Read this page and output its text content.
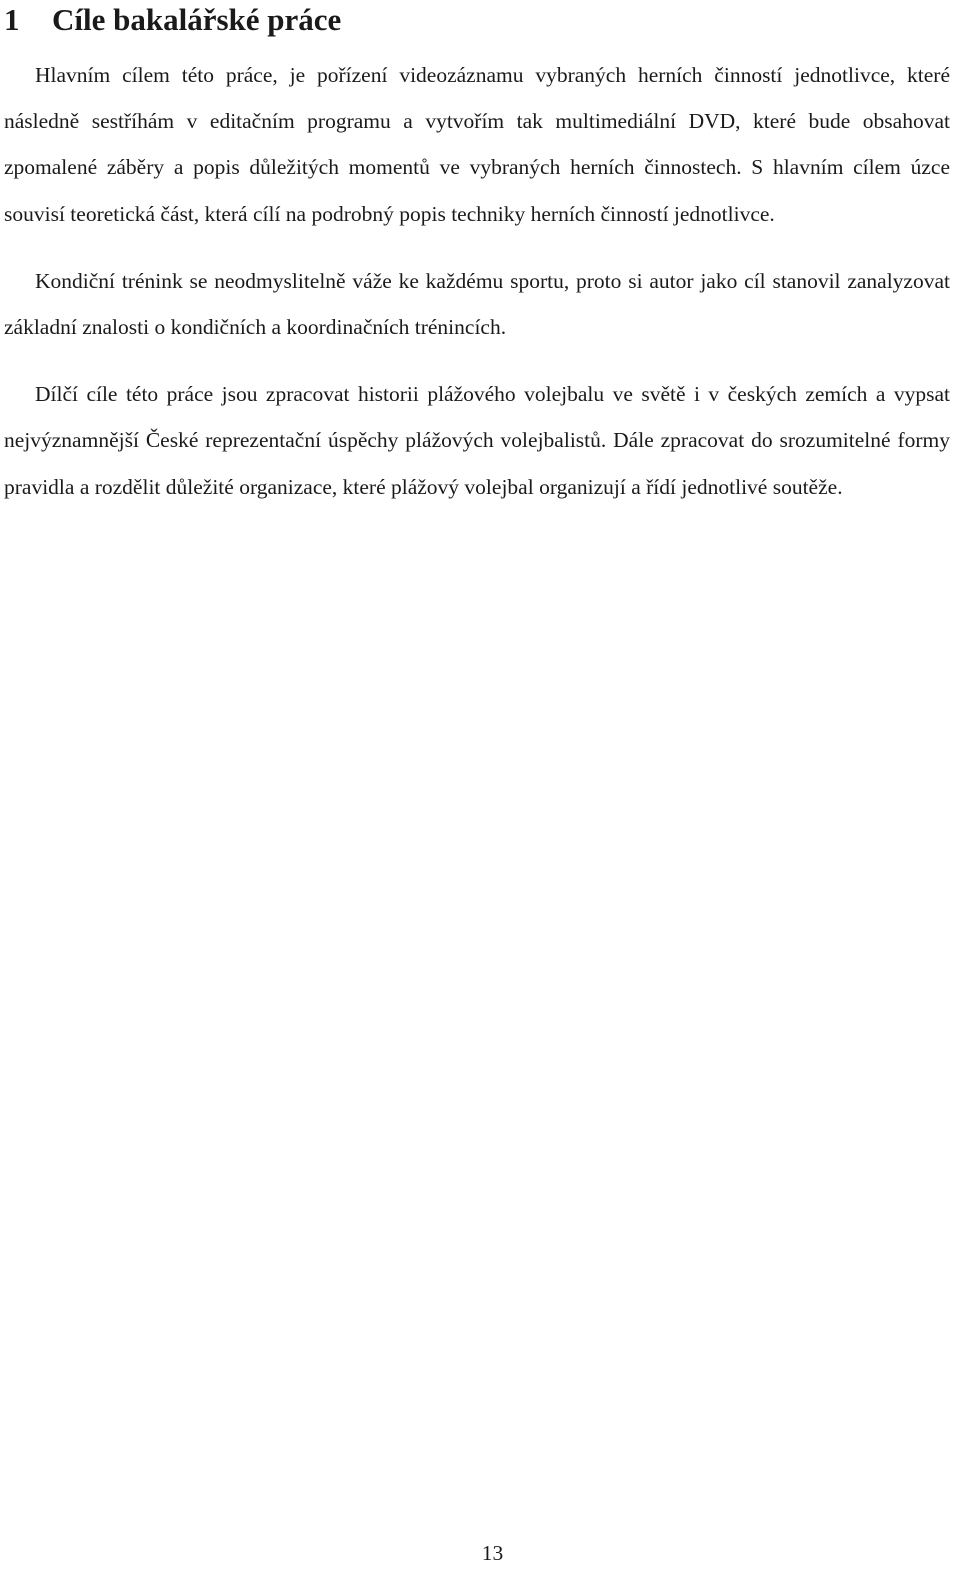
1	Cíle bakalářské práce

Hlavním cílem této práce, je pořízení videozáznamu vybraných herních činností jednotlivce, které následně sestříhám v editačním programu a vytvořím tak multimediální DVD, které bude obsahovat zpomalené záběry a popis důležitých momentů ve vybraných herních činnostech. S hlavním cílem úzce souvisí teoretická část, která cílí na podrobný popis techniky herních činností jednotlivce.

Kondiční trénink se neodmyslitelně váže ke každému sportu, proto si autor jako cíl stanovil zanalyzovat základní znalosti o kondičních a koordinačních trénincích.

Dílčí cíle této práce jsou zpracovat historii plážového volejbalu ve světě i v českých zemích a vypsat nejvýznamnější České reprezentační úspěchy plážových volejbalistů. Dále zpracovat do srozumitelné formy pravidla a rozdělit důležité organizace, které plážový volejbal organizují a řídí jednotlivé soutěže.

13
